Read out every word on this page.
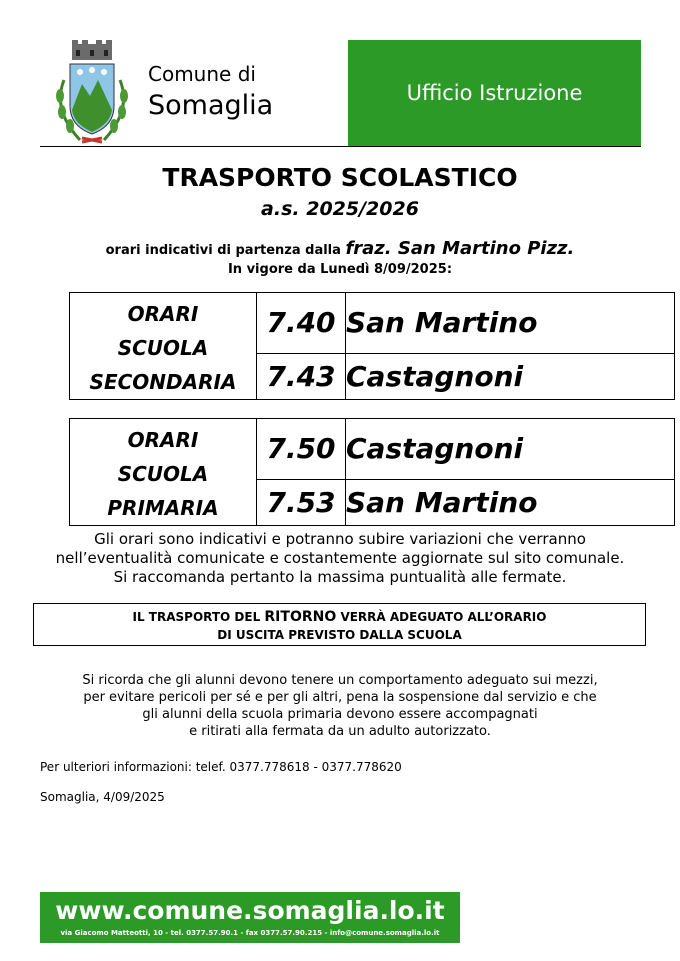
Comune di
Somaglia	Ufficio Istruzione
TRASPORTO SCOLASTICO
a.s. 2025/2026
orari indicativi di partenza dalla fraz. San Martino Pizz.
In vigore da Lunedì 8/09/2025:
ORARI
SCUOLA
SECONDARIA	7.40	San Martino
	7.43	Castagnoni
ORARI
SCUOLA
PRIMARIA	7.50	Castagnoni
	7.53	San Martino
Gli orari sono indicativi e potranno subire variazioni che verranno
nell’eventualità comunicate e costantemente aggiornate sul sito comunale.
Si raccomanda pertanto la massima puntualità alle fermate.
IL TRASPORTO DEL RITORNO VERRÀ ADEGUATO ALL’ORARIO
DI USCITA PREVISTO DALLA SCUOLA
Si ricorda che gli alunni devono tenere un comportamento adeguato sui mezzi,
per evitare pericoli per sé e per gli altri, pena la sospensione dal servizio e che
gli alunni della scuola primaria devono essere accompagnati
e ritirati alla fermata da un adulto autorizzato.
Per ulteriori informazioni: telef. 0377.778618 - 0377.778620
Somaglia, 4/09/2025
www.comune.somaglia.lo.it
via Giacomo Matteotti, 10 - tel. 0377.57.90.1 - fax 0377.57.90.215 - info@comune.somaglia.lo.it
